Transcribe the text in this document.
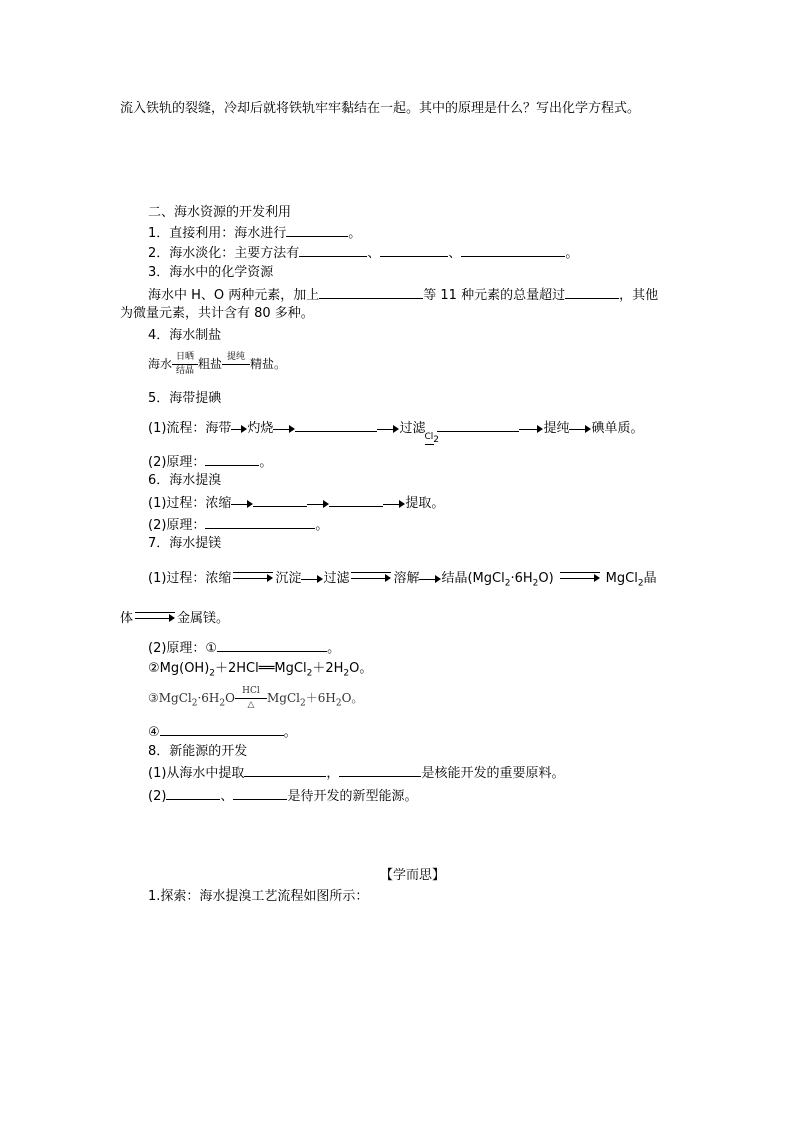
流入铁轨的裂缝，冷却后就将铁轨牢牢黏结在一起。其中的原理是什么？写出化学方程式。
二、海水资源的开发利用
1．直接利用：海水进行	。
2．海水淡化：主要方法有	、	、	。
3．海水中的化学资源
海水中 H、O 两种元素，加上	等 11 种元素的总量超过	，其他
为微量元素，共计含有 80 多种。
4．海水制盐
海水 日晒
结晶 粗盐 提纯
精盐。
5．海带提碘
(1)流程：海带 灼烧	过滤
$Cl_2$
提纯 碘单质。
(2)原理：	。
6．海水提溴
(1)过程：浓缩	提取。
(2)原理：	。
7．海水提镁
(1)过程：浓缩	沉淀 过滤	溶解 结晶$(MgCl_2\cdot 6H_2O)$	MgCl$_2$晶
体	金属镁。
(2)原理：①	。
$②Mg(OH)_2+2HCl══MgCl_2+2H_2O$。
$③MgCl_2\cdot 6H_2O$ HCl
△	$MgCl_2+6H_2O$。
④	。
8．新能源的开发
(1)从海水中提取	，	是核能开发的重要原料。
(2)	、	是待开发的新型能源。
【学而思】
1.探索：海水提溴工艺流程如图所示：
